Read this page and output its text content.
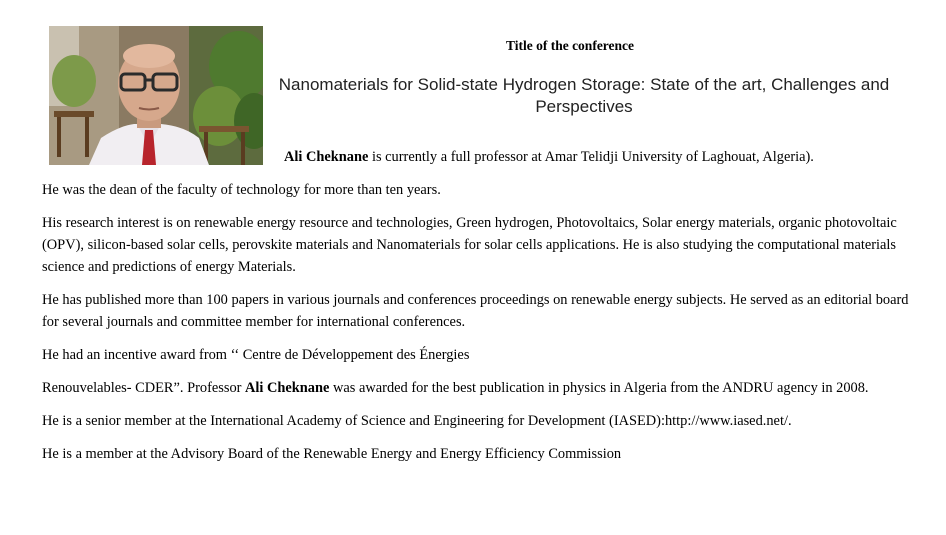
Title of the conference
Nanomaterials for Solid-state Hydrogen Storage: State of the art, Challenges and Perspectives

Ali Cheknane is currently a full professor at Amar Telidji University of Laghouat, Algeria).

He was the dean of the faculty of technology for more than ten years.

His research interest is on renewable energy resource and technologies, Green hydrogen, Photovoltaics, Solar energy materials, organic photovoltaic (OPV), silicon-based solar cells, perovskite materials and Nanomaterials for solar cells applications. He is also studying the computational materials science and predictions of energy Materials.

He has published more than 100 papers in various journals and conferences proceedings on renewable energy subjects. He served as an editorial board for several journals and committee member for international conferences.

He had an incentive award from ‘‘ Centre de Développement des Énergies

Renouvelables- CDER”. Professor Ali Cheknane was awarded for the best publication in physics in Algeria from the ANDRU agency in 2008.

He is a senior member at the International Academy of Science and Engineering for Development (IASED):http://www.iased.net/.

He is a member at the Advisory Board of the Renewable Energy and Energy Efficiency Commission
